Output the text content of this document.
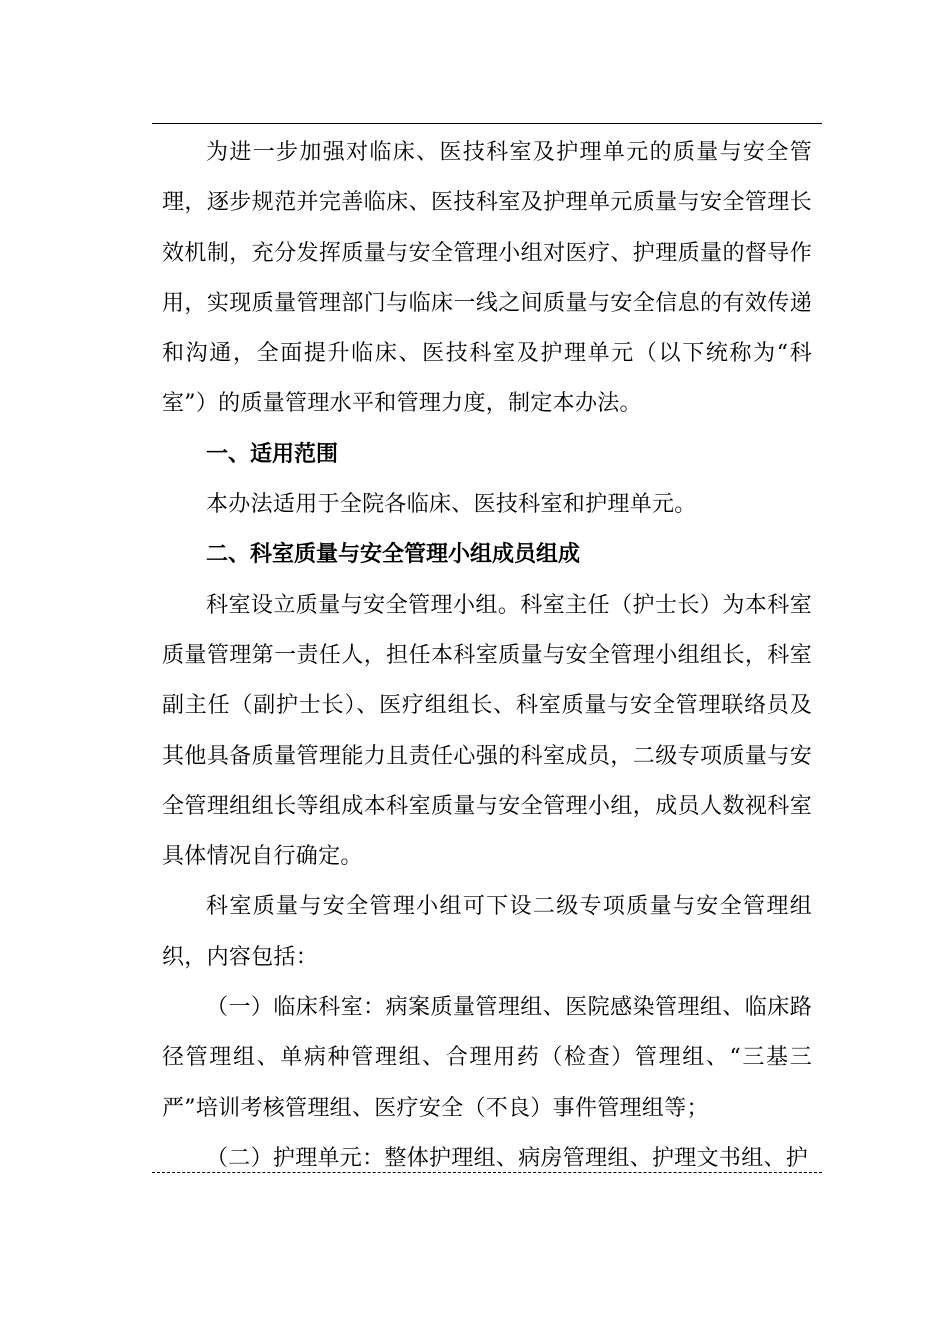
为进一步加强对临床、医技科室及护理单元的质量与安全管理，逐步规范并完善临床、医技科室及护理单元质量与安全管理长效机制，充分发挥质量与安全管理小组对医疗、护理质量的督导作用，实现质量管理部门与临床一线之间质量与安全信息的有效传递和沟通，全面提升临床、医技科室及护理单元（以下统称为“科室”）的质量管理水平和管理力度，制定本办法。

一、适用范围

本办法适用于全院各临床、医技科室和护理单元。

二、科室质量与安全管理小组成员组成

科室设立质量与安全管理小组。科室主任（护士长）为本科室质量管理第一责任人，担任本科室质量与安全管理小组组长，科室副主任（副护士长）、医疗组组长、科室质量与安全管理联络员及其他具备质量管理能力且责任心强的科室成员，二级专项质量与安全管理组组长等组成本科室质量与安全管理小组，成员人数视科室具体情况自行确定。

科室质量与安全管理小组可下设二级专项质量与安全管理组织，内容包括：

（一）临床科室：病案质量管理组、医院感染管理组、临床路径管理组、单病种管理组、合理用药（检查）管理组、“三基三严”培训考核管理组、医疗安全（不良）事件管理组等；

（二）护理单元：整体护理组、病房管理组、护理文书组、护
